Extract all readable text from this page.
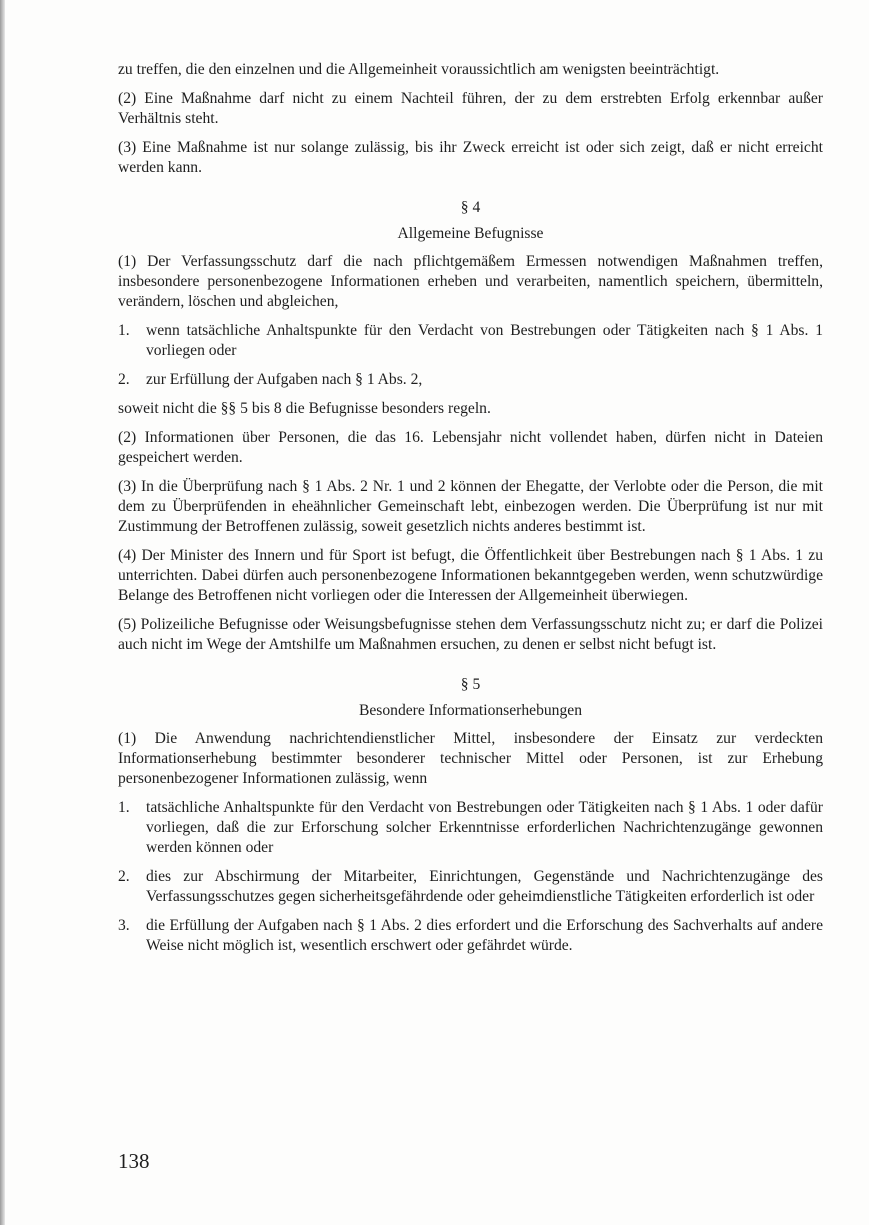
zu treffen, die den einzelnen und die Allgemeinheit voraussichtlich am wenigsten beeinträchtigt.

(2) Eine Maßnahme darf nicht zu einem Nachteil führen, der zu dem erstrebten Erfolg erkennbar außer Verhältnis steht.

(3) Eine Maßnahme ist nur solange zulässig, bis ihr Zweck erreicht ist oder sich zeigt, daß er nicht erreicht werden kann.

§ 4
Allgemeine Befugnisse

(1) Der Verfassungsschutz darf die nach pflichtgemäßem Ermessen notwendigen Maßnahmen treffen, insbesondere personenbezogene Informationen erheben und verarbeiten, namentlich speichern, übermitteln, verändern, löschen und abgleichen,

1.	wenn tatsächliche Anhaltspunkte für den Verdacht von Bestrebungen oder Tätigkeiten nach § 1 Abs. 1 vorliegen oder
2.	zur Erfüllung der Aufgaben nach § 1 Abs. 2,

soweit nicht die §§ 5 bis 8 die Befugnisse besonders regeln.

(2) Informationen über Personen, die das 16. Lebensjahr nicht vollendet haben, dürfen nicht in Dateien gespeichert werden.

(3) In die Überprüfung nach § 1 Abs. 2 Nr. 1 und 2 können der Ehegatte, der Verlobte oder die Person, die mit dem zu Überprüfenden in eheähnlicher Gemeinschaft lebt, einbezogen werden. Die Überprüfung ist nur mit Zustimmung der Betroffenen zulässig, soweit gesetzlich nichts anderes bestimmt ist.

(4) Der Minister des Innern und für Sport ist befugt, die Öffentlichkeit über Bestrebungen nach § 1 Abs. 1 zu unterrichten. Dabei dürfen auch personenbezogene Informationen bekanntgegeben werden, wenn schutzwürdige Belange des Betroffenen nicht vorliegen oder die Interessen der Allgemeinheit überwiegen.

(5) Polizeiliche Befugnisse oder Weisungsbefugnisse stehen dem Verfassungsschutz nicht zu; er darf die Polizei auch nicht im Wege der Amtshilfe um Maßnahmen ersuchen, zu denen er selbst nicht befugt ist.

§ 5
Besondere Informationserhebungen

(1) Die Anwendung nachrichtendienstlicher Mittel, insbesondere der Einsatz zur verdeckten Informationserhebung bestimmter besonderer technischer Mittel oder Personen, ist zur Erhebung personenbezogener Informationen zulässig, wenn

1.	tatsächliche Anhaltspunkte für den Verdacht von Bestrebungen oder Tätigkeiten nach § 1 Abs. 1 oder dafür vorliegen, daß die zur Erforschung solcher Erkenntnisse erforderlichen Nachrichtenzugänge gewonnen werden können oder
2.	dies zur Abschirmung der Mitarbeiter, Einrichtungen, Gegenstände und Nachrichtenzugänge des Verfassungsschutzes gegen sicherheitsgefährdende oder geheimdienstliche Tätigkeiten erforderlich ist oder
3.	die Erfüllung der Aufgaben nach § 1 Abs. 2 dies erfordert und die Erforschung des Sachverhalts auf andere Weise nicht möglich ist, wesentlich erschwert oder gefährdet würde.
138
